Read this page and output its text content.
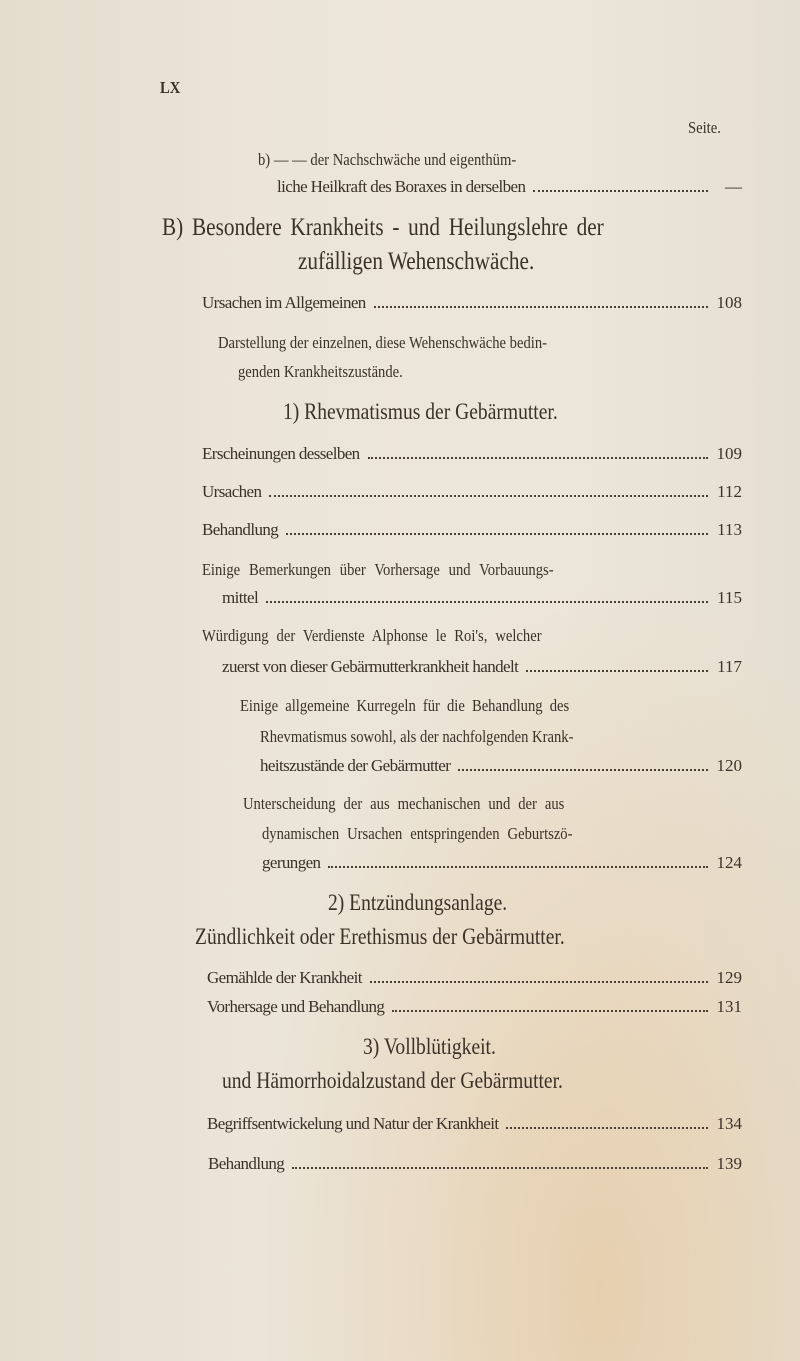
LX
Seite.
b) — — der Nachschwäche und eigenthüm-
liche Heilkraft des Boraxes in derselben	—
B) Besondere Krankheits - und Heilungslehre der
zufälligen Wehenschwäche.
Ursachen im Allgemeinen	108
Darstellung der einzelnen, diese Wehenschwäche bedin-
genden Krankheitszustände.
1) Rhevmatismus der Gebärmutter.
Erscheinungen desselben	109
Ursachen	112
Behandlung	113
Einige Bemerkungen über Vorhersage und Vorbauungs-
mittel	115
Würdigung der Verdienste Alphonse le Roi's, welcher
zuerst von dieser Gebärmutterkrankheit handelt	117
Einige allgemeine Kurregeln für die Behandlung des
Rhevmatismus sowohl, als der nachfolgenden Krank-
heitszustände der Gebärmutter	120
Unterscheidung der aus mechanischen und der aus
dynamischen Ursachen entspringenden Geburtszö-
gerungen	124
2) Entzündungsanlage.
Zündlichkeit oder Erethismus der Gebärmutter.
Gemählde der Krankheit	129
Vorhersage und Behandlung	131
3) Vollblütigkeit.
und Hämorrhoidalzustand der Gebärmutter.
Begriffsentwickelung und Natur der Krankheit	134
Behandlung	139
